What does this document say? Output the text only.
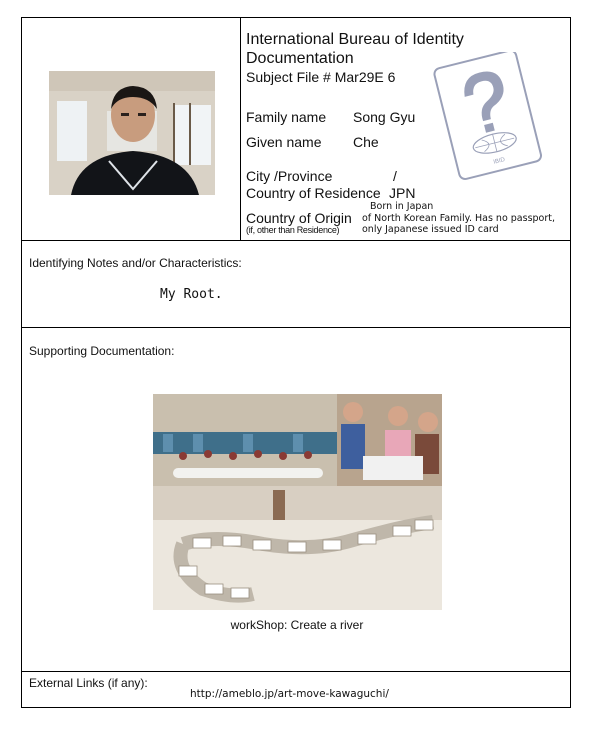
International Bureau of Identity
Documentation
Subject File # Mar29E 6
IBID
Family name Song Gyu
Given name Che
City /Province	/
Country of Residence JPN
Country of Origin
(if, other than Residence)
Born in Japan
of North Korean Family. Has no passport,
only Japanese issued ID card
Identifying Notes and/or Characteristics:
My Root.
Supporting Documentation:
workShop: Create a river
External Links (if any):
http://ameblo.jp/art-move-kawaguchi/
